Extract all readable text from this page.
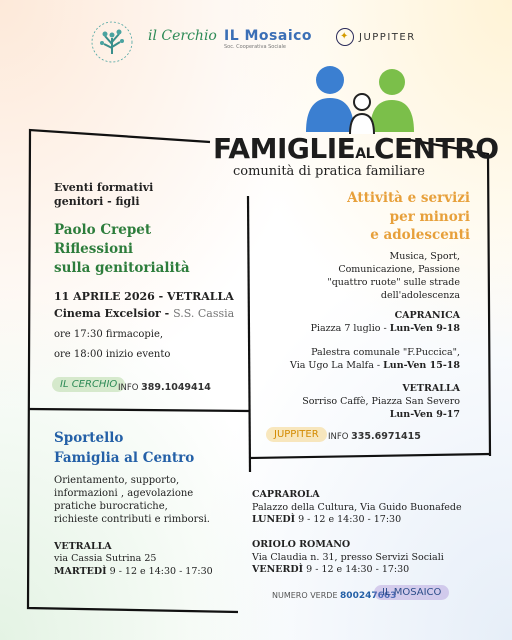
il Cerchio IL Mosaico
Soc. Cooperativa Sociale
✦ JUPPITER
FAMIGLIEALCENTRO
comunità di pratica familiare
Eventi formativi
genitori - figli
Paolo Crepet
Riflessioni
sulla genitorialità
11 APRILE 2026 - VETRALLA
Cinema Excelsior - S.S. Cassia
ore 17:30 firmacopie,
ore 18:00 inizio evento
IL CERCHIO INFO 389.1049414
Attività e servizi
per minori
e adolescenti
Musica, Sport,
Comunicazione, Passione
"quattro ruote" sulle strade
dell'adolescenza
CAPRANICA
Piazza 7 luglio - Lun-Ven 9-18
Palestra comunale "F.Puccica",
Via Ugo La Malfa - Lun-Ven 15-18
VETRALLA
Sorriso Caffè, Piazza San Severo
Lun-Ven 9-17
JUPPITER	INFO 335.6971415
Sportello
Famiglia al Centro
Orientamento, supporto,
informazioni , agevolazione
pratiche burocratiche,
richieste contributi e rimborsi.
VETRALLA
via Cassia Sutrina 25
MARTEDÌ 9 - 12 e 14:30 - 17:30
CAPRAROLA
Palazzo della Cultura, Via Guido Buonafede
LUNEDÌ 9 - 12 e 14:30 - 17:30
ORIOLO ROMANO
Via Claudia n. 31, presso Servizi Sociali
VENERDÌ 9 - 12 e 14:30 - 17:30
NUMERO VERDE 800247663
IL MOSAICO
